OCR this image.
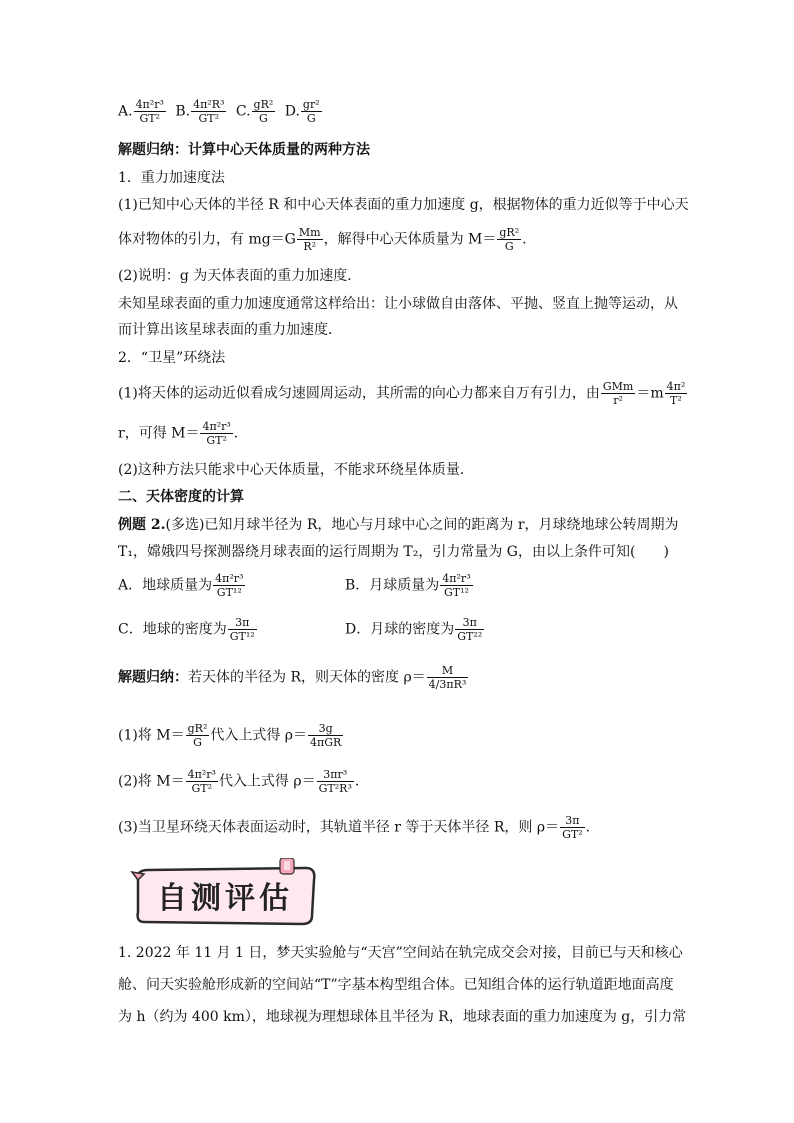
A. $\frac{\text{4π²r³}}{\text{GT²}} B$. $\frac{\text{4π²R³}}{\text{GT²}} C$. $\frac{\text{gR²}}{G} D$. $\frac{\text{gr²}}{G}$
解题归纳：计算中心天体质量的两种方法
1．重力加速度法
(1)已知中心天体的半径 R 和中心天体表面的重力加速度 g，根据物体的重力近似等于中心天
体对物体的引力，有 $mg=G \frac{Mm}{\text{R²}}$ ，解得中心天体质量为 $M= \frac{\text{gR²}}{G}$ .
(2)说明：g 为天体表面的重力加速度．
未知星球表面的重力加速度通常这样给出：让小球做自由落体、平抛、竖直上抛等运动，从
而计算出该星球表面的重力加速度．
2．“卫星”环绕法
(1)将天体的运动近似看成匀速圆周运动，其所需的向心力都来自万有引力，由 $\frac{\text{GMm}}{\text{r²}} =m \frac{\text{4π²}}{\text{T²}}$
r，可得 $M= \frac{\text{4π²r³}}{\text{GT²}}$ .
(2)这种方法只能求中心天体质量，不能求环绕星体质量．
二、天体密度的计算
例题 2.(多选)已知月球半径为 R，地心与月球中心之间的距离为 r，月球绕地球公转周期为
T₁，嫦娥四号探测器绕月球表面的运行周期为 T₂，引力常量为 G，由以上条件可知(　　)
A．地球质量为 $\frac{\text{4π²r³}}{\text{GT¹²}}$	B．月球质量为 $\frac{\text{4π²r³}}{\text{GT¹²}}$
C．地球的密度为 $\frac{3\pi}{\text{GT¹²}}$	D．月球的密度为 $\frac{3\pi}{\text{GT²²}}$
解题归纳：若天体的半径为 R，则天体的密度 $\rho= \frac{M}{\text{4/3πR³}}$
(1)将 $M= \frac{\text{gR²}}{G}$ 代入上式得 $\rho= \frac{3g}{\text{4πGR}}$
(2)将 $M= \frac{\text{4π²r³}}{\text{GT²}}$ 代入上式得 $\rho= \frac{\text{3πr³}}{\text{GT²R³}}$ .
(3)当卫星环绕天体表面运动时，其轨道半径 r 等于天体半径 R，则 $\rho= \frac{3\pi}{\text{GT²}}$ .
自测评估
1. 2022 年 11 月 1 日，梦天实验舱与“天宫”空间站在轨完成交会对接，目前已与天和核心
舱、问天实验舱形成新的空间站“T”字基本构型组合体。已知组合体的运行轨道距地面高度
为 h（约为 400 km），地球视为理想球体且半径为 R，地球表面的重力加速度为 g，引力常
